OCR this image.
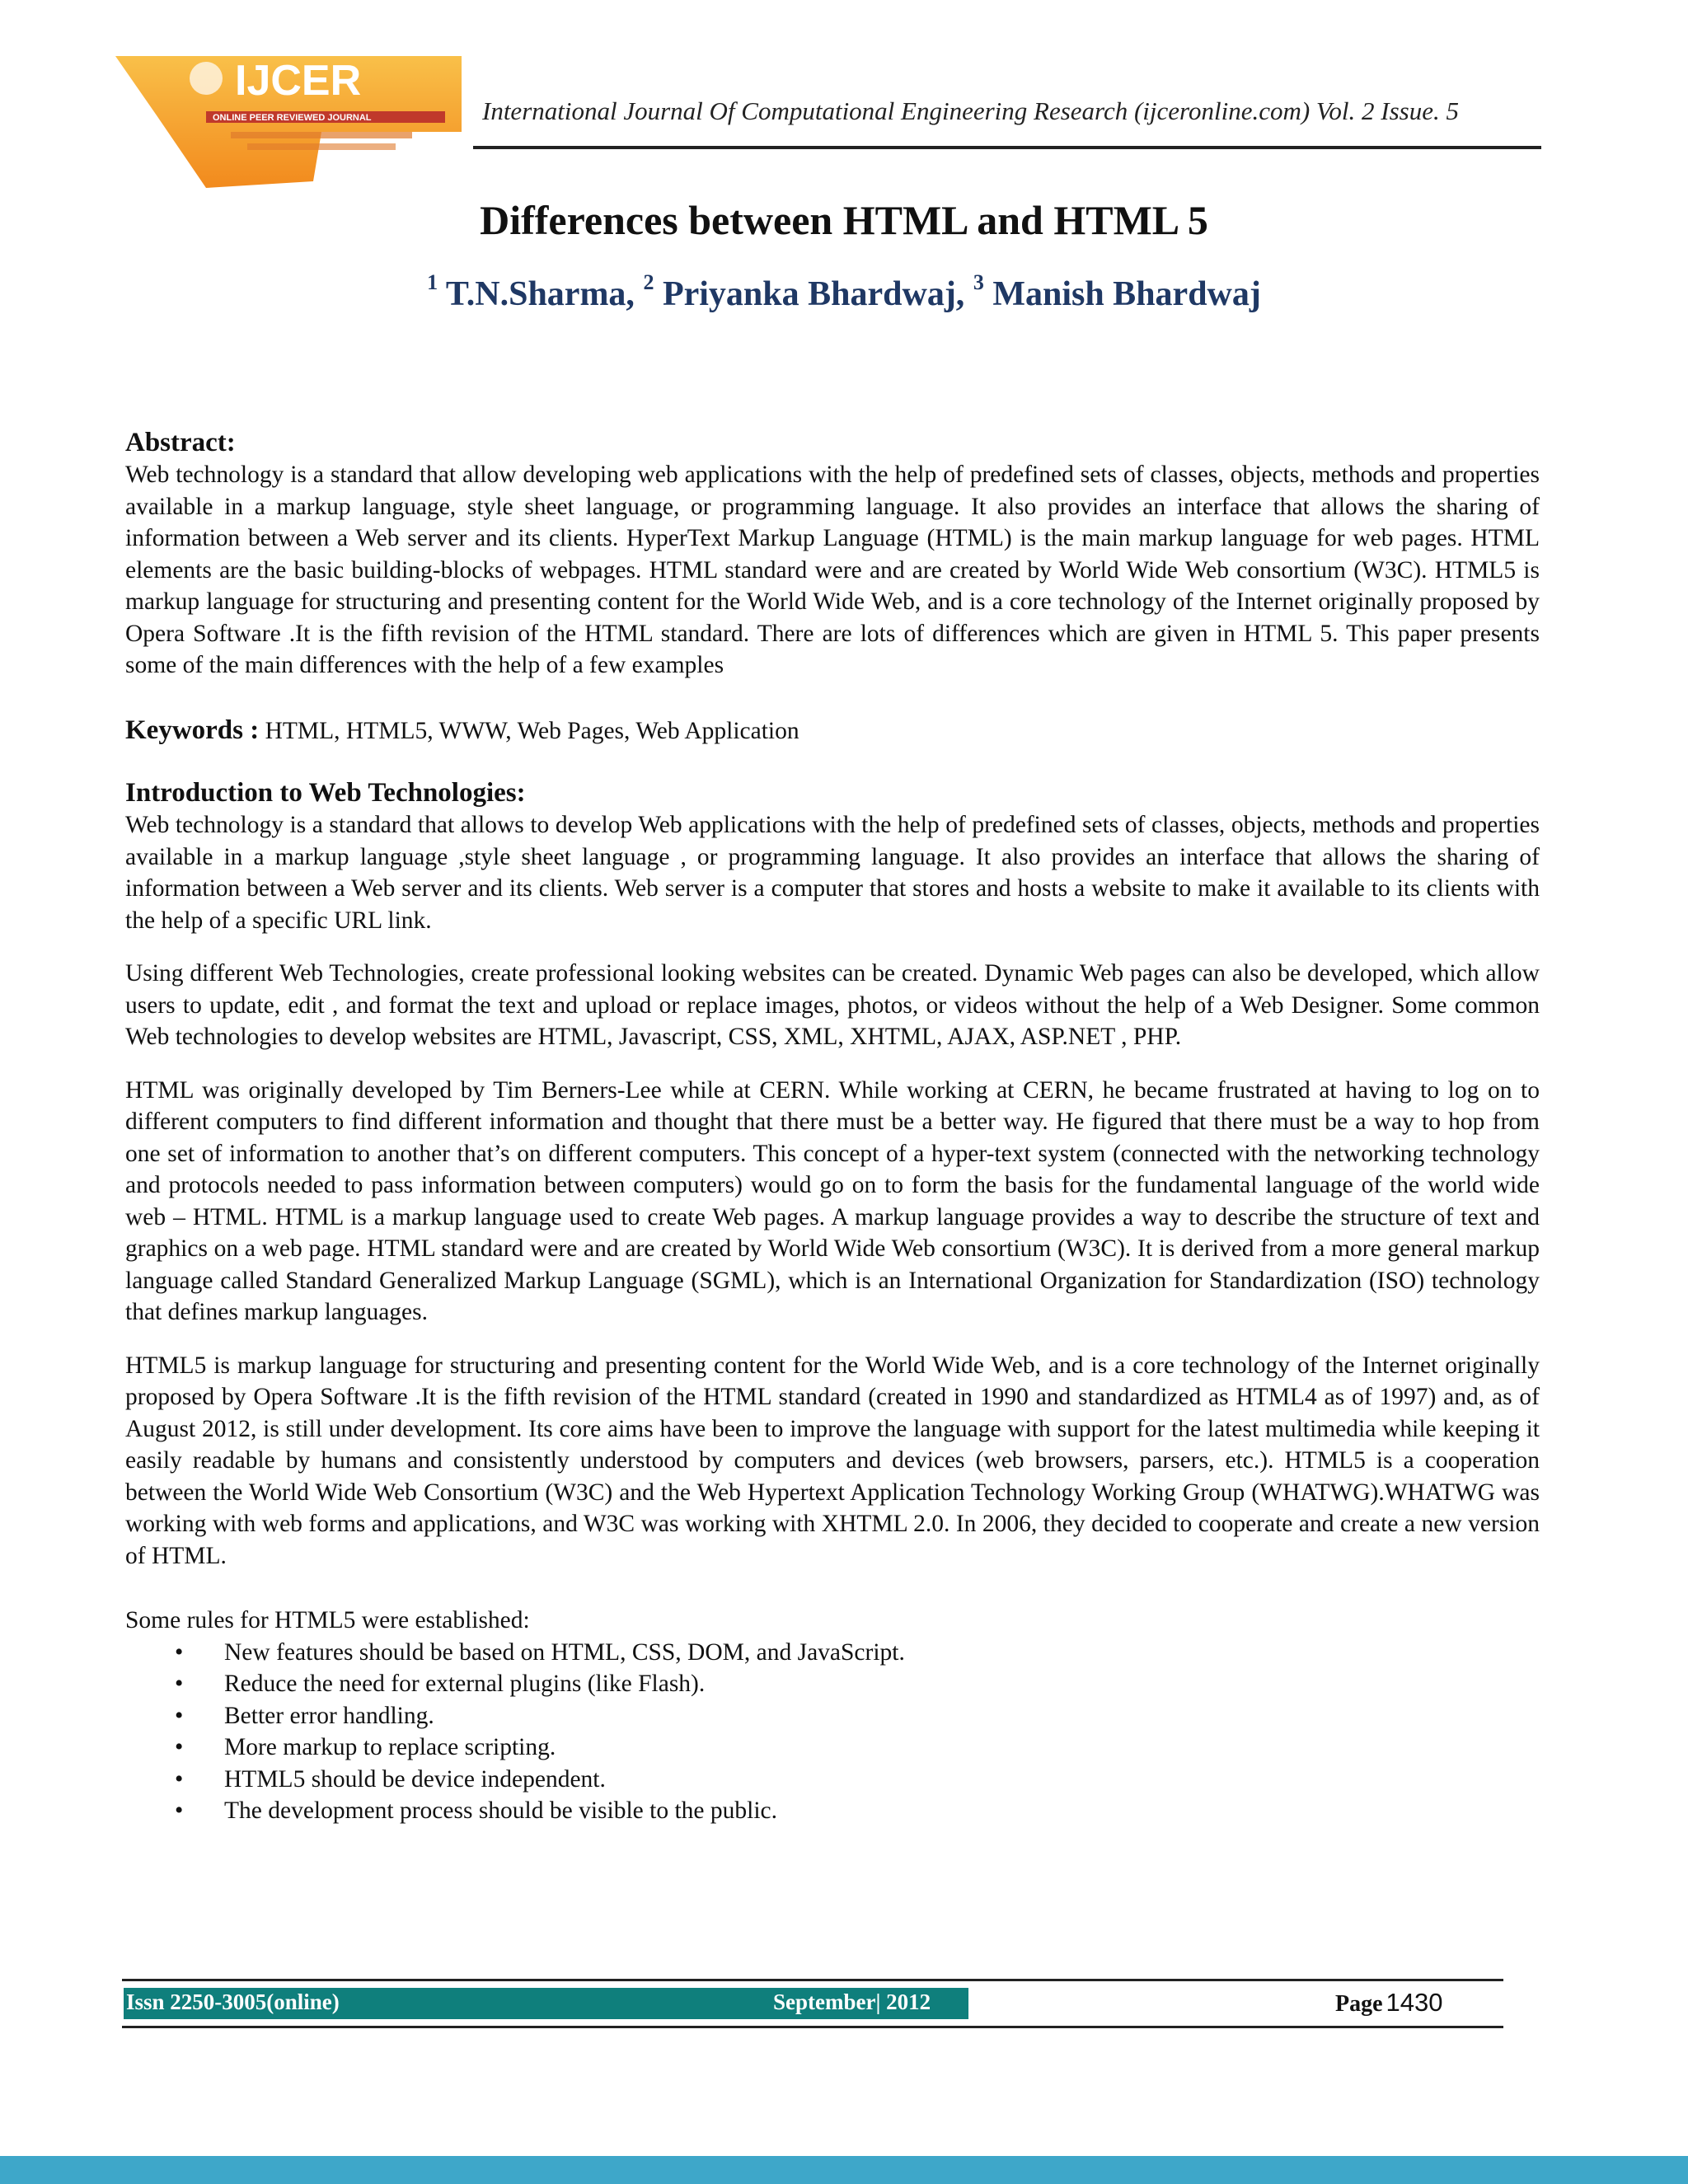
IJCER
ONLINE PEER REVIEWED JOURNAL	International Journal Of Computational Engineering Research (ijceronline.com) Vol. 2 Issue. 5
Differences between HTML and HTML 5
$^1$ T.N.Sharma, $^2$ Priyanka Bhardwaj, $^3$ Manish Bhardwaj
Abstract:

Web technology is a standard that allow developing web applications with the help of predefined sets of classes, objects, methods and properties available in a markup language, style sheet language, or programming language. It also provides an interface that allows the sharing of information between a Web server and its clients. HyperText Markup Language (HTML) is the main markup language for web pages. HTML elements are the basic building-blocks of webpages. HTML standard were and are created by World Wide Web consortium (W3C). HTML5 is markup language for structuring and presenting content for the World Wide Web, and is a core technology of the Internet originally proposed by Opera Software .It is the fifth revision of the HTML standard. There are lots of differences which are given in HTML 5. This paper presents some of the main differences with the help of a few examples

Keywords : HTML, HTML5, WWW, Web Pages, Web Application

Introduction to Web Technologies:

Web technology is a standard that allows to develop Web applications with the help of predefined sets of classes, objects, methods and properties available in a markup language ,style sheet language , or programming language. It also provides an interface that allows the sharing of information between a Web server and its clients. Web server is a computer that stores and hosts a website to make it available to its clients with the help of a specific URL link.

Using different Web Technologies, create professional looking websites can be created. Dynamic Web pages can also be developed, which allow users to update, edit , and format the text and upload or replace images, photos, or videos without the help of a Web Designer. Some common Web technologies to develop websites are HTML, Javascript, CSS, XML, XHTML, AJAX, ASP.NET , PHP.

HTML was originally developed by Tim Berners-Lee while at CERN. While working at CERN, he became frustrated at having to log on to different computers to find different information and thought that there must be a better way. He figured that there must be a way to hop from one set of information to another that’s on different computers. This concept of a hyper-text system (connected with the networking technology and protocols needed to pass information between computers) would go on to form the basis for the fundamental language of the world wide web – HTML. HTML is a markup language used to create Web pages. A markup language provides a way to describe the structure of text and graphics on a web page. HTML standard were and are created by World Wide Web consortium (W3C). It is derived from a more general markup language called Standard Generalized Markup Language (SGML), which is an International Organization for Standardization (ISO) technology that defines markup languages.

HTML5 is markup language for structuring and presenting content for the World Wide Web, and is a core technology of the Internet originally proposed by Opera Software .It is the fifth revision of the HTML standard (created in 1990 and standardized as HTML4 as of 1997) and, as of August 2012, is still under development. Its core aims have been to improve the language with support for the latest multimedia while keeping it easily readable by humans and consistently understood by computers and devices (web browsers, parsers, etc.). HTML5 is a cooperation between the World Wide Web Consortium (W3C) and the Web Hypertext Application Technology Working Group (WHATWG).WHATWG was working with web forms and applications, and W3C was working with XHTML 2.0. In 2006, they decided to cooperate and create a new version of HTML.

Some rules for HTML5 were established:

• New features should be based on HTML, CSS, DOM, and JavaScript.
• Reduce the need for external plugins (like Flash).
• Better error handling.
• More markup to replace scripting.
• HTML5 should be device independent.
• The development process should be visible to the public.
Issn 2250-3005(online)	September| 2012	Page 1430
